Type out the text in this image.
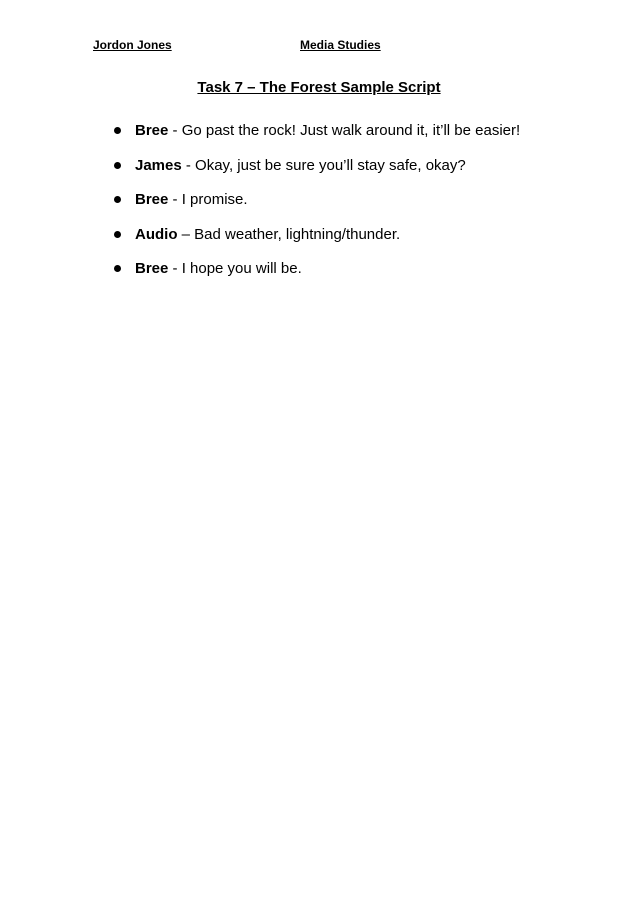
Jordon Jones	Media Studies
Task 7 – The Forest Sample Script
Bree - Go past the rock! Just walk around it, it’ll be easier!
James - Okay, just be sure you’ll stay safe, okay?
Bree - I promise.
Audio – Bad weather, lightning/thunder.
Bree - I hope you will be.
